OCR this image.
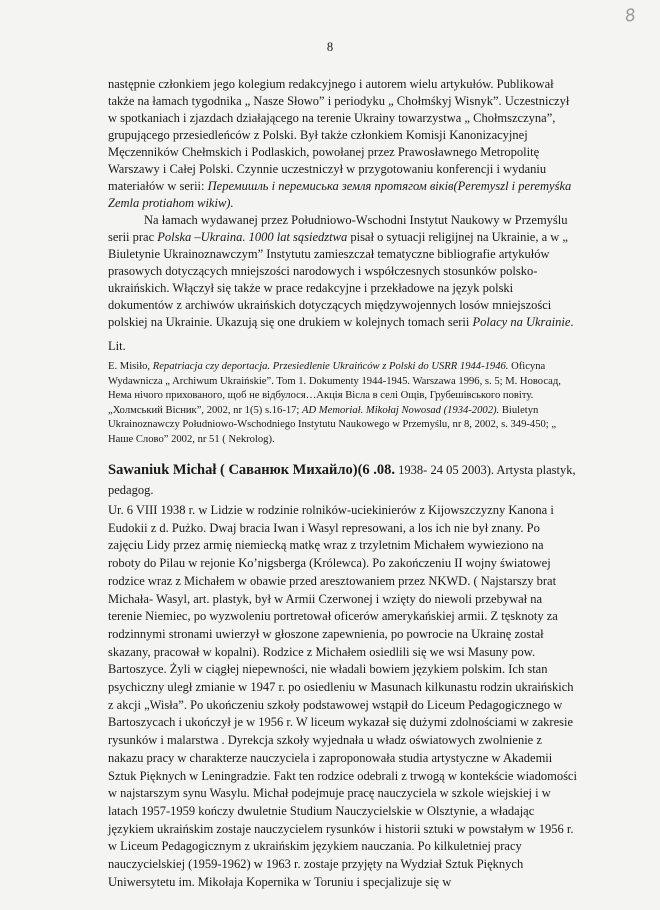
8
8

następnie członkiem jego kolegium redakcyjnego i autorem wielu artykułów. Publikował także na łamach tygodnika „ Nasze Słowo” i periodyku „ Chołmśkyj Wisnyk”. Uczestniczył w spotkaniach i zjazdach działającego na terenie Ukrainy towarzystwa „ Chołmszczyna”, grupującego przesiedleńców z Polski. Był także członkiem Komisji Kanonizacyjnej Męczenników Chełmskich i Podlaskich, powołanej przez Prawosławnego Metropolitę Warszawy i Całej Polski. Czynnie uczestniczył w przygotowaniu konferencji i wydaniu materiałów w serii: Перемишль і перемиська земля протягом віків(Peremyszl i peremyśka Zemla protiahom wikiw).

Na łamach wydawanej przez Południowo-Wschodni Instytut Naukowy w Przemyślu serii prac Polska –Ukraina. 1000 lat sąsiedztwa pisał o sytuacji religijnej na Ukrainie, a w „ Biuletynie Ukrainoznawczym” Instytutu zamieszczał tematyczne bibliografie artykułów prasowych dotyczących mniejszości narodowych i współczesnych stosunków polsko-ukraińskich. Włączył się także w prace redakcyjne i przekładowe na język polski dokumentów z archiwów ukraińskich dotyczących międzywojennych losów mniejszości polskiej na Ukrainie. Ukazują się one drukiem w kolejnych tomach serii Polacy na Ukrainie.

Lit.

E. Misiło, Repatriacja czy deportacja. Przesiedlenie Ukraińców z Polski do USRR 1944-1946. Oficyna Wydawnicza „ Archiwum Ukraińskie”. Tom 1. Dokumenty 1944-1945. Warszawa 1996, s. 5; М. Новосад, Нема нічого прихованого, щоб не відбулося…Акція Вісла в селі Ощів, Грубешівського повіту. „Холмський Вісник”, 2002, nr 1(5) s.16-17; AD Memoriał. Mikołaj Nowosad (1934-2002). Biuletyn Ukrainoznawczy Południowo-Wschodniego Instytutu Naukowego w Przemyślu, nr 8, 2002, s. 349-450; „ Наше Слово” 2002, nr 51 ( Nekrolog).

Sawaniuk Michał ( Саванюк Михайло)(6 .08. 1938- 24 05 2003). Artysta plastyk, pedagog.
Ur. 6 VIII 1938 r. w Lidzie w rodzinie rolników-uciekinierów z Kijowszczyzny Kanona i Eudokii z d. Pużko. Dwaj bracia Iwan i Wasyl represowani, a los ich nie był znany. Po zajęciu Lidy przez armię niemiecką matkę wraz z trzyletnim Michałem wywieziono na roboty do Pilau w rejonie Ko’nigsberga (Królewca). Po zakończeniu II wojny światowej rodzice wraz z Michałem w obawie przed aresztowaniem przez NKWD. ( Najstarszy brat Michała- Wasyl, art. plastyk, był w Armii Czerwonej i wzięty do niewoli przebywał na terenie Niemiec, po wyzwoleniu portretował oficerów amerykańskiej armii. Z tęsknoty za rodzinnymi stronami uwierzył w głoszone zapewnienia, po powrocie na Ukrainę został skazany, pracował w kopalni). Rodzice z Michałem osiedlili się we wsi Masuny pow. Bartoszyce. Żyli w ciągłej niepewności, nie władali bowiem językiem polskim. Ich stan psychiczny uległ zmianie w 1947 r. po osiedleniu w Masunach kilkunastu rodzin ukraińskich z akcji „Wisła”. Po ukończeniu szkoły podstawowej wstąpił do Liceum Pedagogicznego w Bartoszycach i ukończył je w 1956 r. W liceum wykazał się dużymi zdolnościami w zakresie rysunków i malarstwa . Dyrekcja szkoły wyjednała u władz oświatowych zwolnienie z nakazu pracy w charakterze nauczyciela i zaproponowała studia artystyczne w Akademii Sztuk Pięknych w Leningradzie. Fakt ten rodzice odebrali z trwogą w kontekście wiadomości w najstarszym synu Wasylu. Michał podejmuje pracę nauczyciela w szkole wiejskiej i w latach 1957-1959 kończy dwuletnie Studium Nauczycielskie w Olsztynie, a władając językiem ukraińskim zostaje nauczycielem rysunków i historii sztuki w powstałym w 1956 r. w Liceum Pedagogicznym z ukraińskim językiem nauczania. Po kilkuletniej pracy nauczycielskiej (1959-1962) w 1963 r. zostaje przyjęty na Wydział Sztuk Pięknych Uniwersytetu im. Mikołaja Kopernika w Toruniu i specjalizuje się w
